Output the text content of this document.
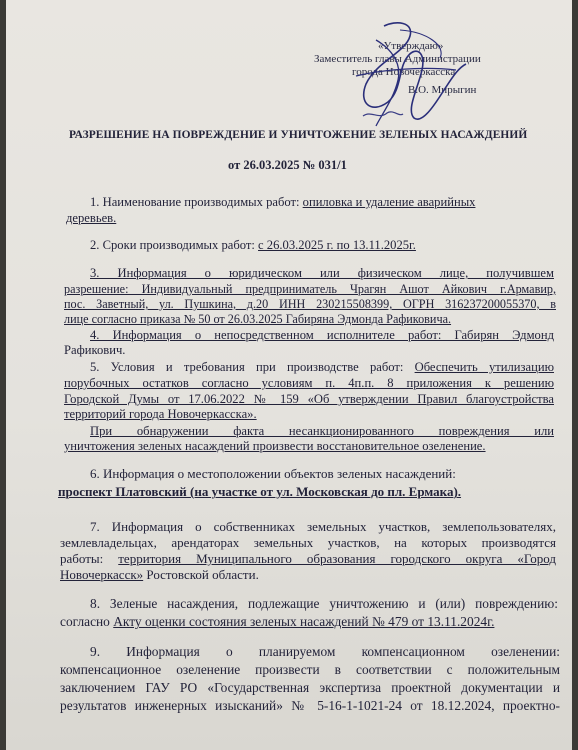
«Утверждаю»
Заместитель главы Администрации
города Новочеркасска
В.О. Мирыгин
РАЗРЕШЕНИЕ НА ПОВРЕЖДЕНИЕ И УНИЧТОЖЕНИЕ ЗЕЛЕНЫХ НАСАЖДЕНИЙ
от 26.03.2025 № 031/1
1. Наименование производимых работ: опиловка и удаление аварийных
деревьев.
2. Сроки производимых работ: с 26.03.2025 г. по 13.11.2025г.
3. Информация о юридическом или физическом лице, получившем
разрешение: Индивидуальный предприниматель Чрагян Ашот Айкович г.Армавир,
пос. Заветный, ул. Пушкина, д.20 ИНН 230215508399, ОГРН 316237200055370, в
лице согласно приказа № 50 от 26.03.2025 Габиряна Эдмонда Рафиковича.
4. Информация о непосредственном исполнителе работ: Габирян Эдмонд
Рафикович.
5. Условия и требования при производстве работ: Обеспечить утилизацию
порубочных остатков согласно условиям п. 4п.п. 8 приложения к решению
Городской Думы от 17.06.2022 № 159 «Об утверждении Правил благоустройства
территорий города Новочеркасска».
При обнаружении факта несанкционированного повреждения или
уничтожения зеленых насаждений произвести восстановительное озеленение.
6. Информация о местоположении объектов зеленых насаждений:
проспект Платовский (на участке от ул. Московская до пл. Ермака).
7. Информация о собственниках земельных участков, землепользователях,
землевладельцах, арендаторах земельных участков, на которых производятся
работы: территория Муниципального образования городского округа «Город
Новочеркасск» Ростовской области.
8. Зеленые насаждения, подлежащие уничтожению и (или) повреждению:
согласно Акту оценки состояния зеленых насаждений № 479 от 13.11.2024г.
9. Информация о планируемом компенсационном озеленении:
компенсационное озеленение произвести в соответствии с положительным
заключением ГАУ РО «Государственная экспертиза проектной документации и
результатов инженерных изысканий» № 5-16-1-1021-24 от 18.12.2024, проектно-
